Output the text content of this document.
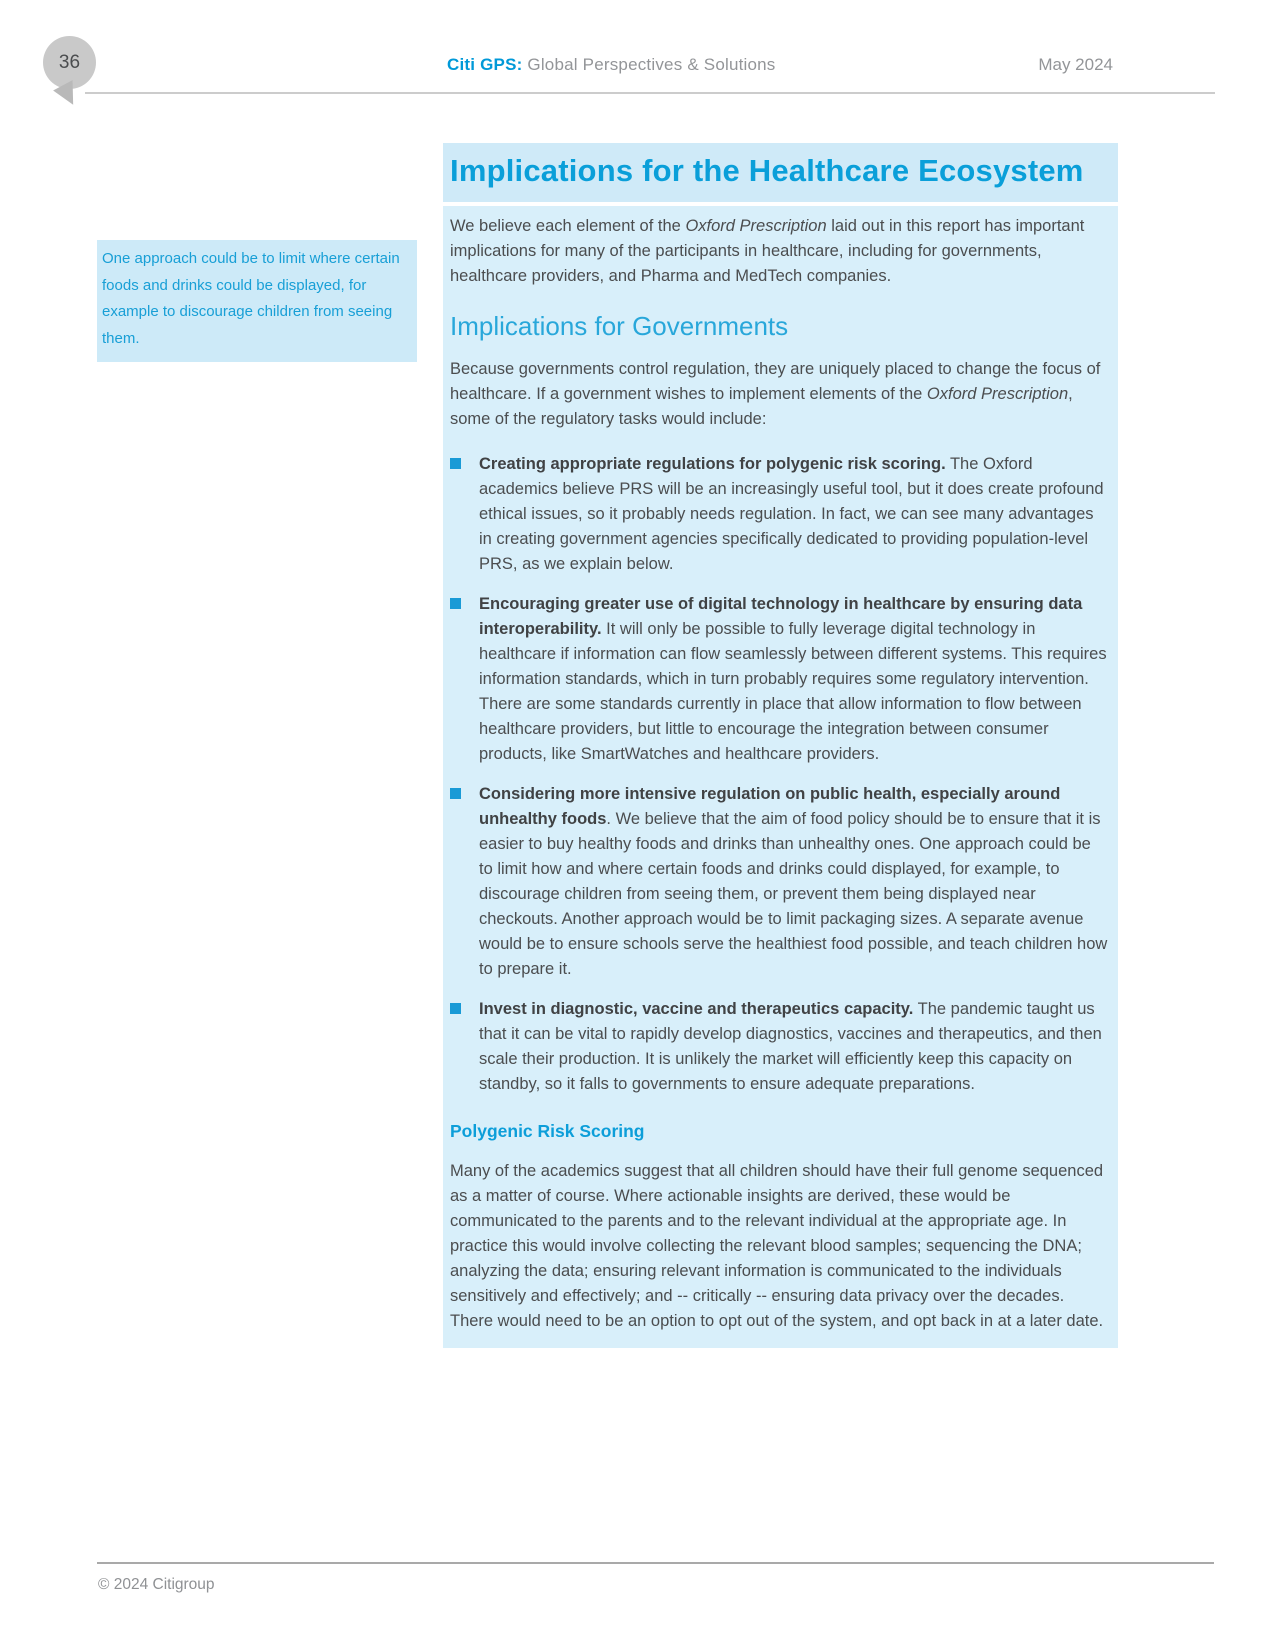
36	Citi GPS: Global Perspectives & Solutions	May 2024
One approach could be to limit where certain foods and drinks could be displayed, for example to discourage children from seeing them.
Implications for the Healthcare Ecosystem

We believe each element of the Oxford Prescription laid out in this report has important implications for many of the participants in healthcare, including for governments, healthcare providers, and Pharma and MedTech companies.

Implications for Governments

Because governments control regulation, they are uniquely placed to change the focus of healthcare. If a government wishes to implement elements of the Oxford Prescription, some of the regulatory tasks would include:

Creating appropriate regulations for polygenic risk scoring. The Oxford academics believe PRS will be an increasingly useful tool, but it does create profound ethical issues, so it probably needs regulation. In fact, we can see many advantages in creating government agencies specifically dedicated to providing population-level PRS, as we explain below.

Encouraging greater use of digital technology in healthcare by ensuring data interoperability. It will only be possible to fully leverage digital technology in healthcare if information can flow seamlessly between different systems. This requires information standards, which in turn probably requires some regulatory intervention. There are some standards currently in place that allow information to flow between healthcare providers, but little to encourage the integration between consumer products, like SmartWatches and healthcare providers.

Considering more intensive regulation on public health, especially around unhealthy foods. We believe that the aim of food policy should be to ensure that it is easier to buy healthy foods and drinks than unhealthy ones. One approach could be to limit how and where certain foods and drinks could displayed, for example, to discourage children from seeing them, or prevent them being displayed near checkouts. Another approach would be to limit packaging sizes. A separate avenue would be to ensure schools serve the healthiest food possible, and teach children how to prepare it.

Invest in diagnostic, vaccine and therapeutics capacity. The pandemic taught us that it can be vital to rapidly develop diagnostics, vaccines and therapeutics, and then scale their production. It is unlikely the market will efficiently keep this capacity on standby, so it falls to governments to ensure adequate preparations.

Polygenic Risk Scoring

Many of the academics suggest that all children should have their full genome sequenced as a matter of course. Where actionable insights are derived, these would be communicated to the parents and to the relevant individual at the appropriate age. In practice this would involve collecting the relevant blood samples; sequencing the DNA; analyzing the data; ensuring relevant information is communicated to the individuals sensitively and effectively; and -- critically -- ensuring data privacy over the decades. There would need to be an option to opt out of the system, and opt back in at a later date.

© 2024 Citigroup
